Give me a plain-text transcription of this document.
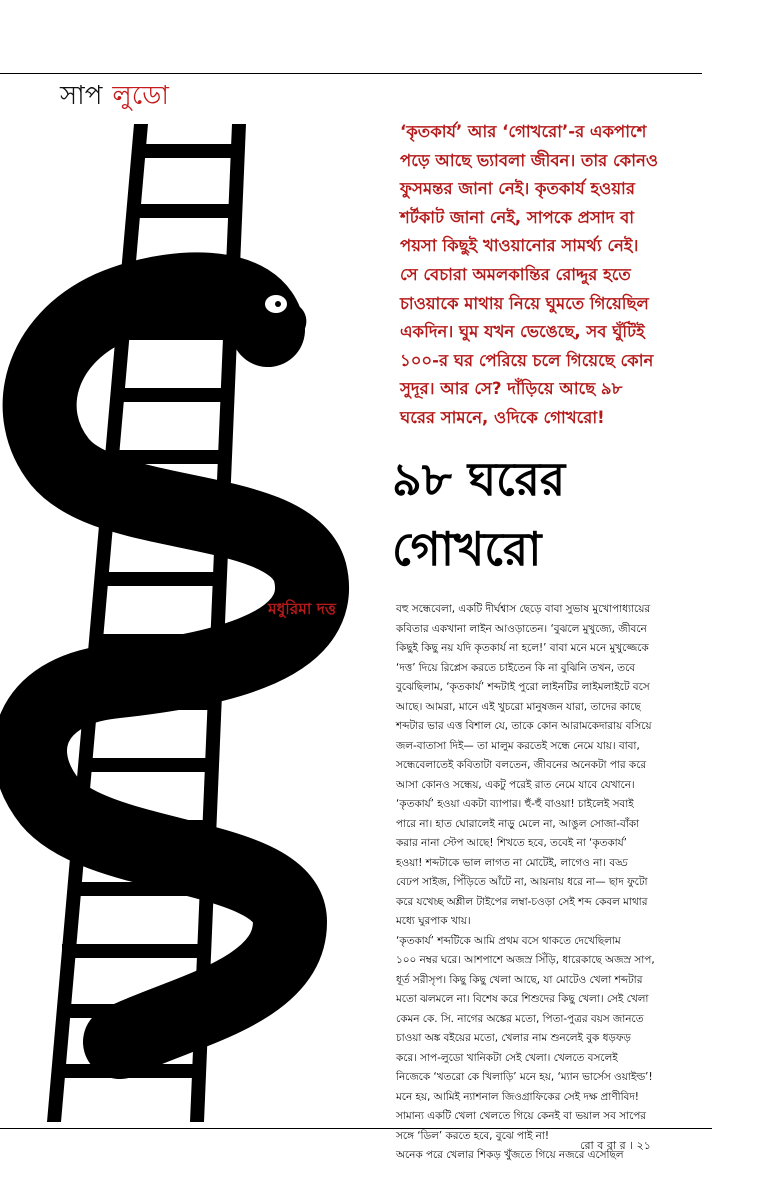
সাপ লুডো

‘কৃতকার্য’ আর ‘গোখরো’-র একপাশে

পড়ে আছে ভ্যাবলা জীবন। তার কোনও

ফুসমন্তর জানা নেই। কৃতকার্য হওয়ার

শর্টকাট জানা নেই, সাপকে প্রসাদ বা

পয়সা কিছুই খাওয়ানোর সামর্থ্য নেই।

সে বেচারা অমলকান্তির রোদ্দুর হতে

চাওয়াকে মাথায় নিয়ে ঘুমতে গিয়েছিল

একদিন। ঘুম যখন ভেঙেছে, সব ঘুঁটিই

১০০-র ঘর পেরিয়ে চলে গিয়েছে কোন

সুদূর। আর সে? দাঁড়িয়ে আছে ৯৮

ঘরের সামনে, ওদিকে গোখরো!

৯৮ ঘরের
গোখরো
মধুরিমা দত্ত	বহু সন্ধেবেলা, একটি দীর্ঘশ্বাস ছেড়ে বাবা সুভাষ মুখোপাধ্যায়ের

কবিতার একখানা লাইন আওড়াতেন। ‘বুঝলে মুখুজ্যে, জীবনে

কিছুই কিছু নয় যদি কৃতকার্য না হলে!’ বাবা মনে মনে মুখুজ্জেকে

‘দত্ত’ দিয়ে রিপ্লেস করতে চাইতেন কি না বুঝিনি তখন, তবে

বুঝেছিলাম, ‘কৃতকার্য’ শব্দটাই পুরো লাইনটির লাইমলাইটে বসে

আছে। আমরা, মানে এই খুচরো মানুষজন যারা, তাদের কাছে

শব্দটার ভার এত্ত বিশাল যে, তাকে কোন আরামকেদারায় বসিয়ে

জল-বাতাসা দিই— তা মালুম করতেই সন্ধে নেমে যায়। বাবা,

সন্ধেবেলাতেই কবিতাটা বলতেন, জীবনের অনেকটা পার করে

আসা কোনও সন্ধেয়, একটু পরেই রাত নেমে যাবে যেখানে।

‘কৃতকার্য’ হওয়া একটা ব্যাপার। হুঁ-হুঁ বাওয়া! চাইলেই সবাই

পারে না। হাত ঘোরালেই নাড়ু মেলে না, আঙুল সোজা-বাঁকা

করার নানা স্টেপ আছে! শিখতে হবে, তবেই না ‘কৃতকার্য’

হওয়া! শব্দটাকে ভাল লাগত না মোটেই, লাগেও না। বড্ড

বেঢপ সাইজ, পিঁড়িতে আঁটে না, আয়নায় ধরে না— ছাদ ফুটো

করে যখেচ্ছ অশ্লীল টাইপের লম্বা-চওড়া সেই শব্দ কেবল মাথার

মধ্যে ঘুরপাক খায়।

‘কৃতকার্য’ শব্দটিকে আমি প্রথম বসে থাকতে দেখেছিলাম

১০০ নম্বর ঘরে। আশপাশে অজস্র সিঁড়ি, ধারেকাছে অজস্র সাপ,

ধূর্ত সরীসৃপ। কিছু কিছু খেলা আছে, যা মোটেও খেলা শব্দটার

মতো ঝলমলে না। বিশেষ করে শিশুদের কিছু খেলা। সেই খেলা

কেমন কে. সি. নাগের অঙ্কের মতো, পিতা-পুত্রর বয়স জানতে

চাওয়া অঙ্ক বইয়ের মতো, খেলার নাম শুনলেই বুক ধড়ফড়

করে। সাপ-লুডো খানিকটা সেই খেলা। খেলতে বসলেই

নিজেকে ‘খতরো কে খিলাড়ি’ মনে হয়, ‘ম্যান ভার্সেস ওয়াইল্ড’!

মনে হয়, আমিই ন্যাশনাল জিওগ্রাফিকের সেই দক্ষ প্রাণীবিদ!

সামান্য একটি খেলা খেলতে গিয়ে কেনই বা ভয়াল সব সাপের

সঙ্গে ‘ডিল’ করতে হবে, বুঝে পাই না!

অনেক পরে খেলার শিকড় খুঁজতে গিয়ে নজরে এসেছিল

রো ব বা র । ২১
